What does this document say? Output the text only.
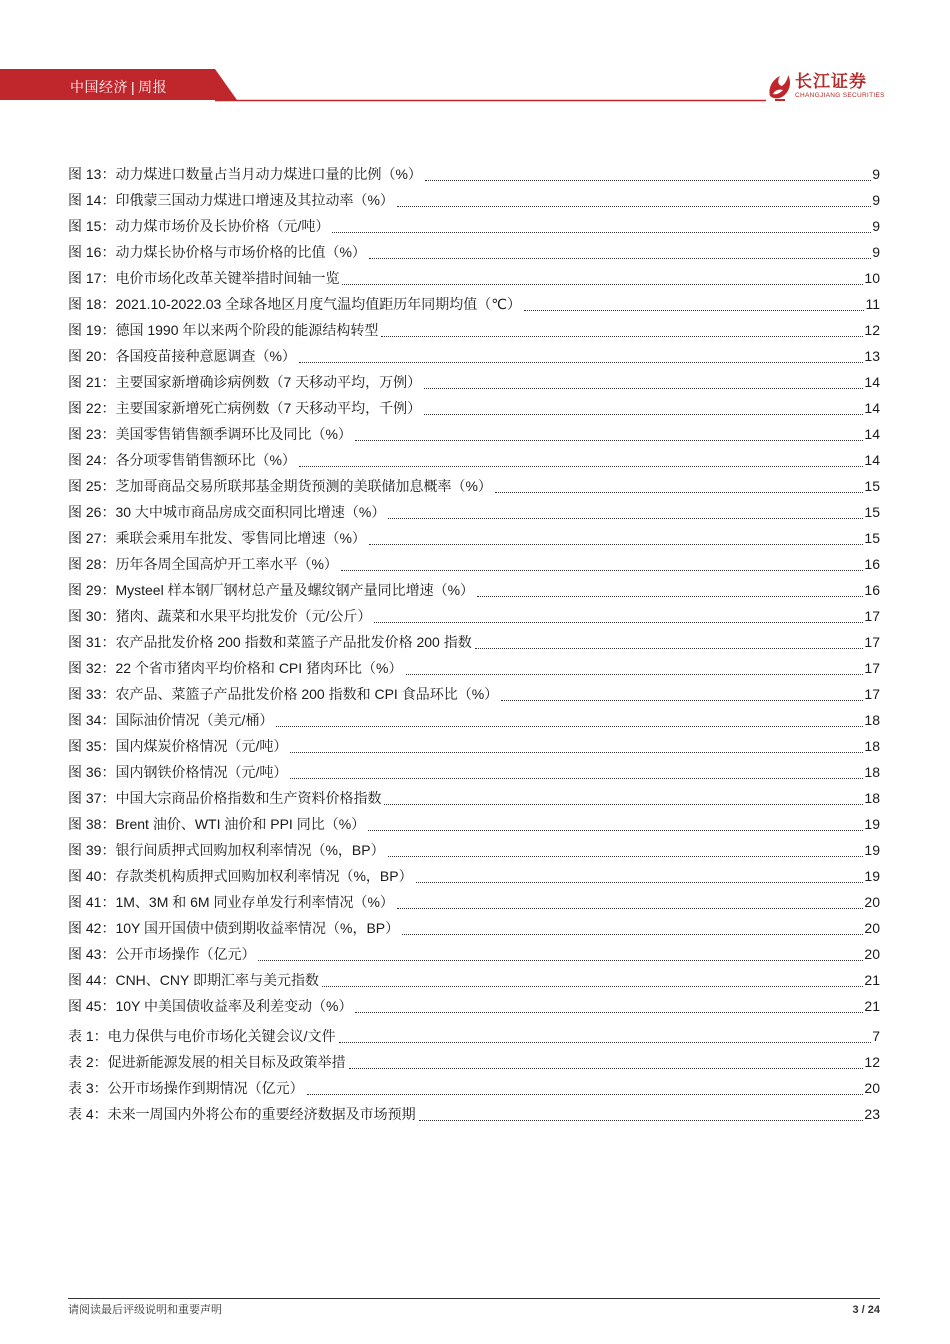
中国经济 | 周报	长江证券
CHANGJIANG SECURITIES
图 13：动力煤进口数量占当月动力煤进口量的比例（%）	9
图 14：印俄蒙三国动力煤进口增速及其拉动率（%）	9
图 15：动力煤市场价及长协价格（元/吨）	9
图 16：动力煤长协价格与市场价格的比值（%）	9
图 17：电价市场化改革关键举措时间轴一览	10
图 18：2021.10-2022.03 全球各地区月度气温均值距历年同期均值（℃）	11
图 19：德国 1990 年以来两个阶段的能源结构转型	12
图 20：各国疫苗接种意愿调查（%）	13
图 21：主要国家新增确诊病例数（7 天移动平均，万例）	14
图 22：主要国家新增死亡病例数（7 天移动平均，千例）	14
图 23：美国零售销售额季调环比及同比（%）	14
图 24：各分项零售销售额环比（%）	14
图 25：芝加哥商品交易所联邦基金期货预测的美联储加息概率（%）	15
图 26：30 大中城市商品房成交面积同比增速（%）	15
图 27：乘联会乘用车批发、零售同比增速（%）	15
图 28：历年各周全国高炉开工率水平（%）	16
图 29：Mysteel 样本钢厂钢材总产量及螺纹钢产量同比增速（%）	16
图 30：猪肉、蔬菜和水果平均批发价（元/公斤）	17
图 31：农产品批发价格 200 指数和菜篮子产品批发价格 200 指数	17
图 32：22 个省市猪肉平均价格和 CPI 猪肉环比（%）	17
图 33：农产品、菜篮子产品批发价格 200 指数和 CPI 食品环比（%）	17
图 34：国际油价情况（美元/桶）	18
图 35：国内煤炭价格情况（元/吨）	18
图 36：国内钢铁价格情况（元/吨）	18
图 37：中国大宗商品价格指数和生产资料价格指数	18
图 38：Brent 油价、WTI 油价和 PPI 同比（%）	19
图 39：银行间质押式回购加权利率情况（%，BP）	19
图 40：存款类机构质押式回购加权利率情况（%，BP）	19
图 41：1M、3M 和 6M 同业存单发行利率情况（%）	20
图 42：10Y 国开国债中债到期收益率情况（%，BP）	20
图 43：公开市场操作（亿元）	20
图 44：CNH、CNY 即期汇率与美元指数	21
图 45：10Y 中美国债收益率及利差变动（%）	21
表 1：电力保供与电价市场化关键会议/文件	7
表 2：促进新能源发展的相关目标及政策举措	12
表 3：公开市场操作到期情况（亿元）	20
表 4：未来一周国内外将公布的重要经济数据及市场预期	23
请阅读最后评级说明和重要声明	3 / 24
